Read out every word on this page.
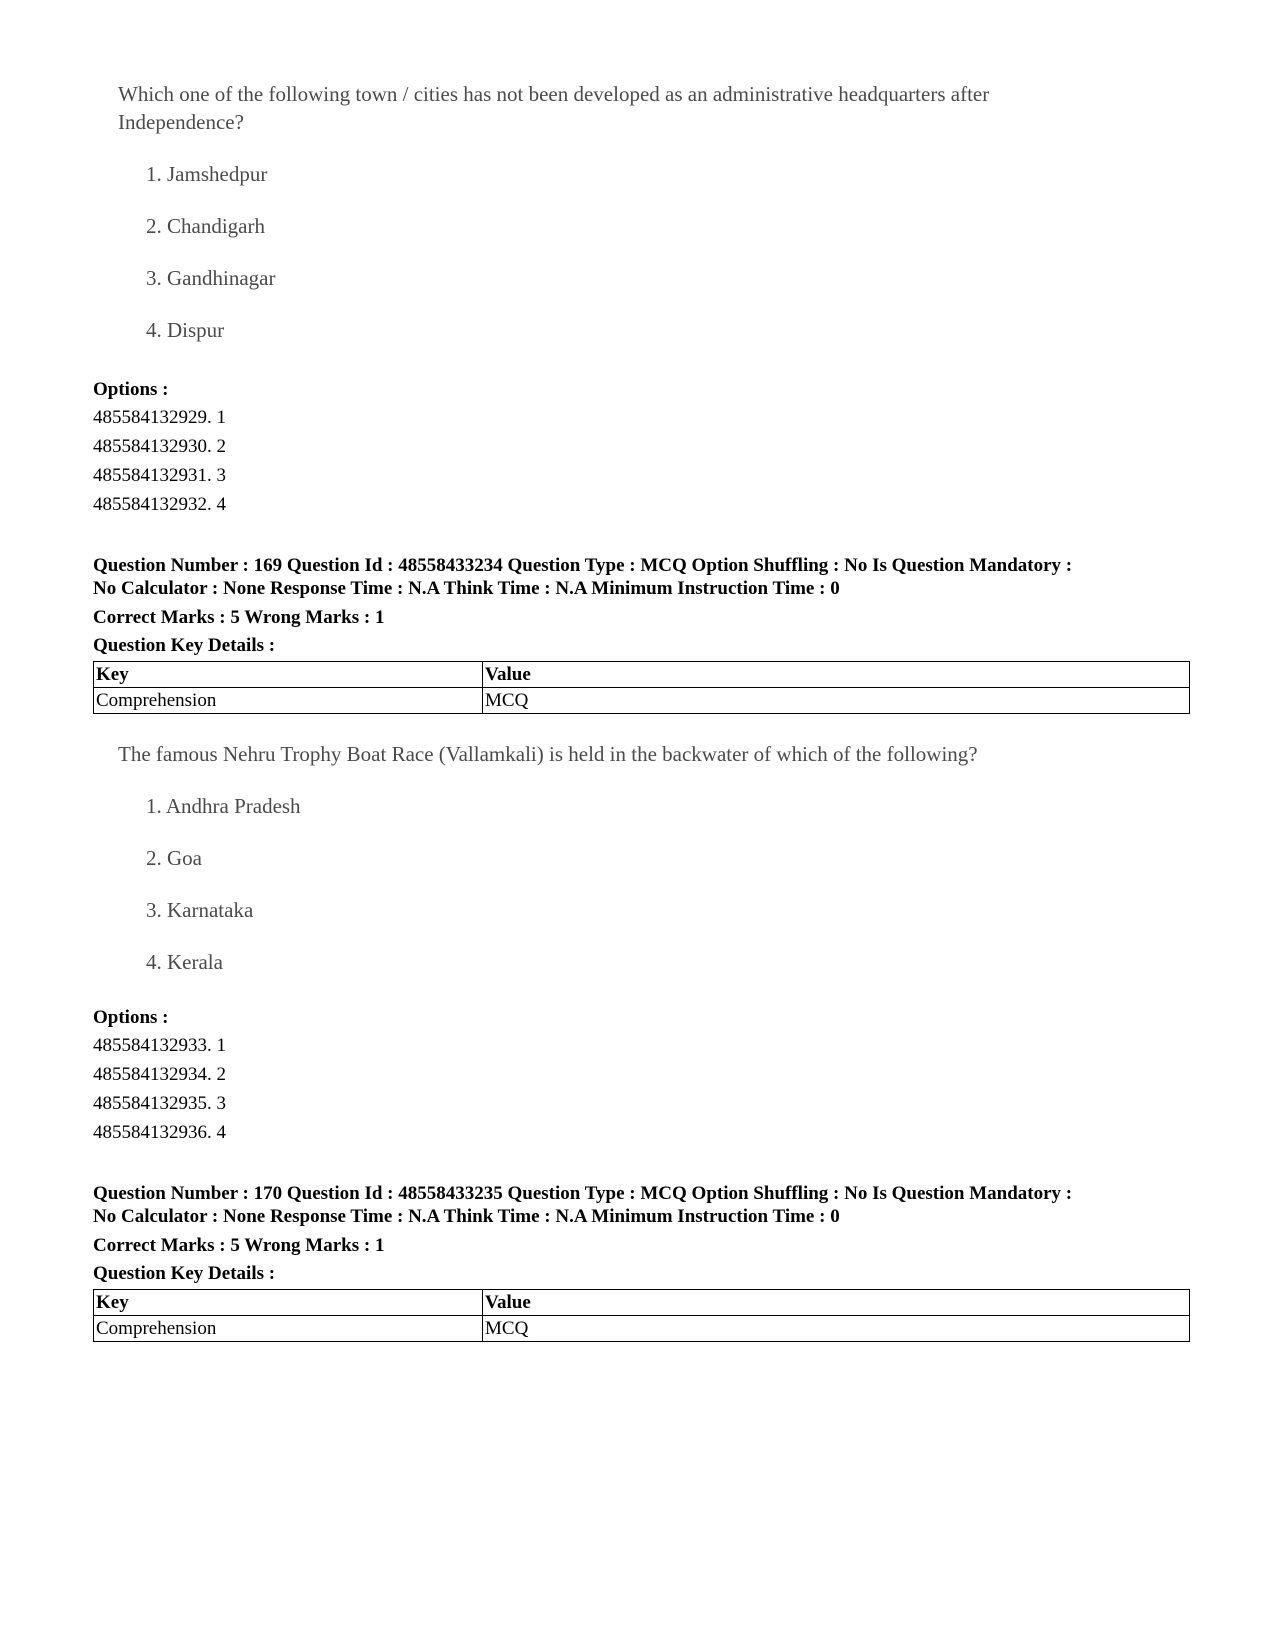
Which one of the following town / cities has not been developed as an administrative headquarters after Independence?

1. Jamshedpur
2. Chandigarh
3. Gandhinagar
4. Dispur
Options :
485584132929. 1
485584132930. 2
485584132931. 3
485584132932. 4
Question Number : 169 Question Id : 48558433234 Question Type : MCQ Option Shuffling : No Is Question Mandatory :
No Calculator : None Response Time : N.A Think Time : N.A Minimum Instruction Time : 0
Correct Marks : 5 Wrong Marks : 1
Question Key Details :
Key	Value
Comprehension	MCQ

The famous Nehru Trophy Boat Race (Vallamkali) is held in the backwater of which of the following?

1. Andhra Pradesh
2. Goa
3. Karnataka
4. Kerala
Options :
485584132933. 1
485584132934. 2
485584132935. 3
485584132936. 4
Question Number : 170 Question Id : 48558433235 Question Type : MCQ Option Shuffling : No Is Question Mandatory :
No Calculator : None Response Time : N.A Think Time : N.A Minimum Instruction Time : 0
Correct Marks : 5 Wrong Marks : 1
Question Key Details :
Key	Value
Comprehension	MCQ
